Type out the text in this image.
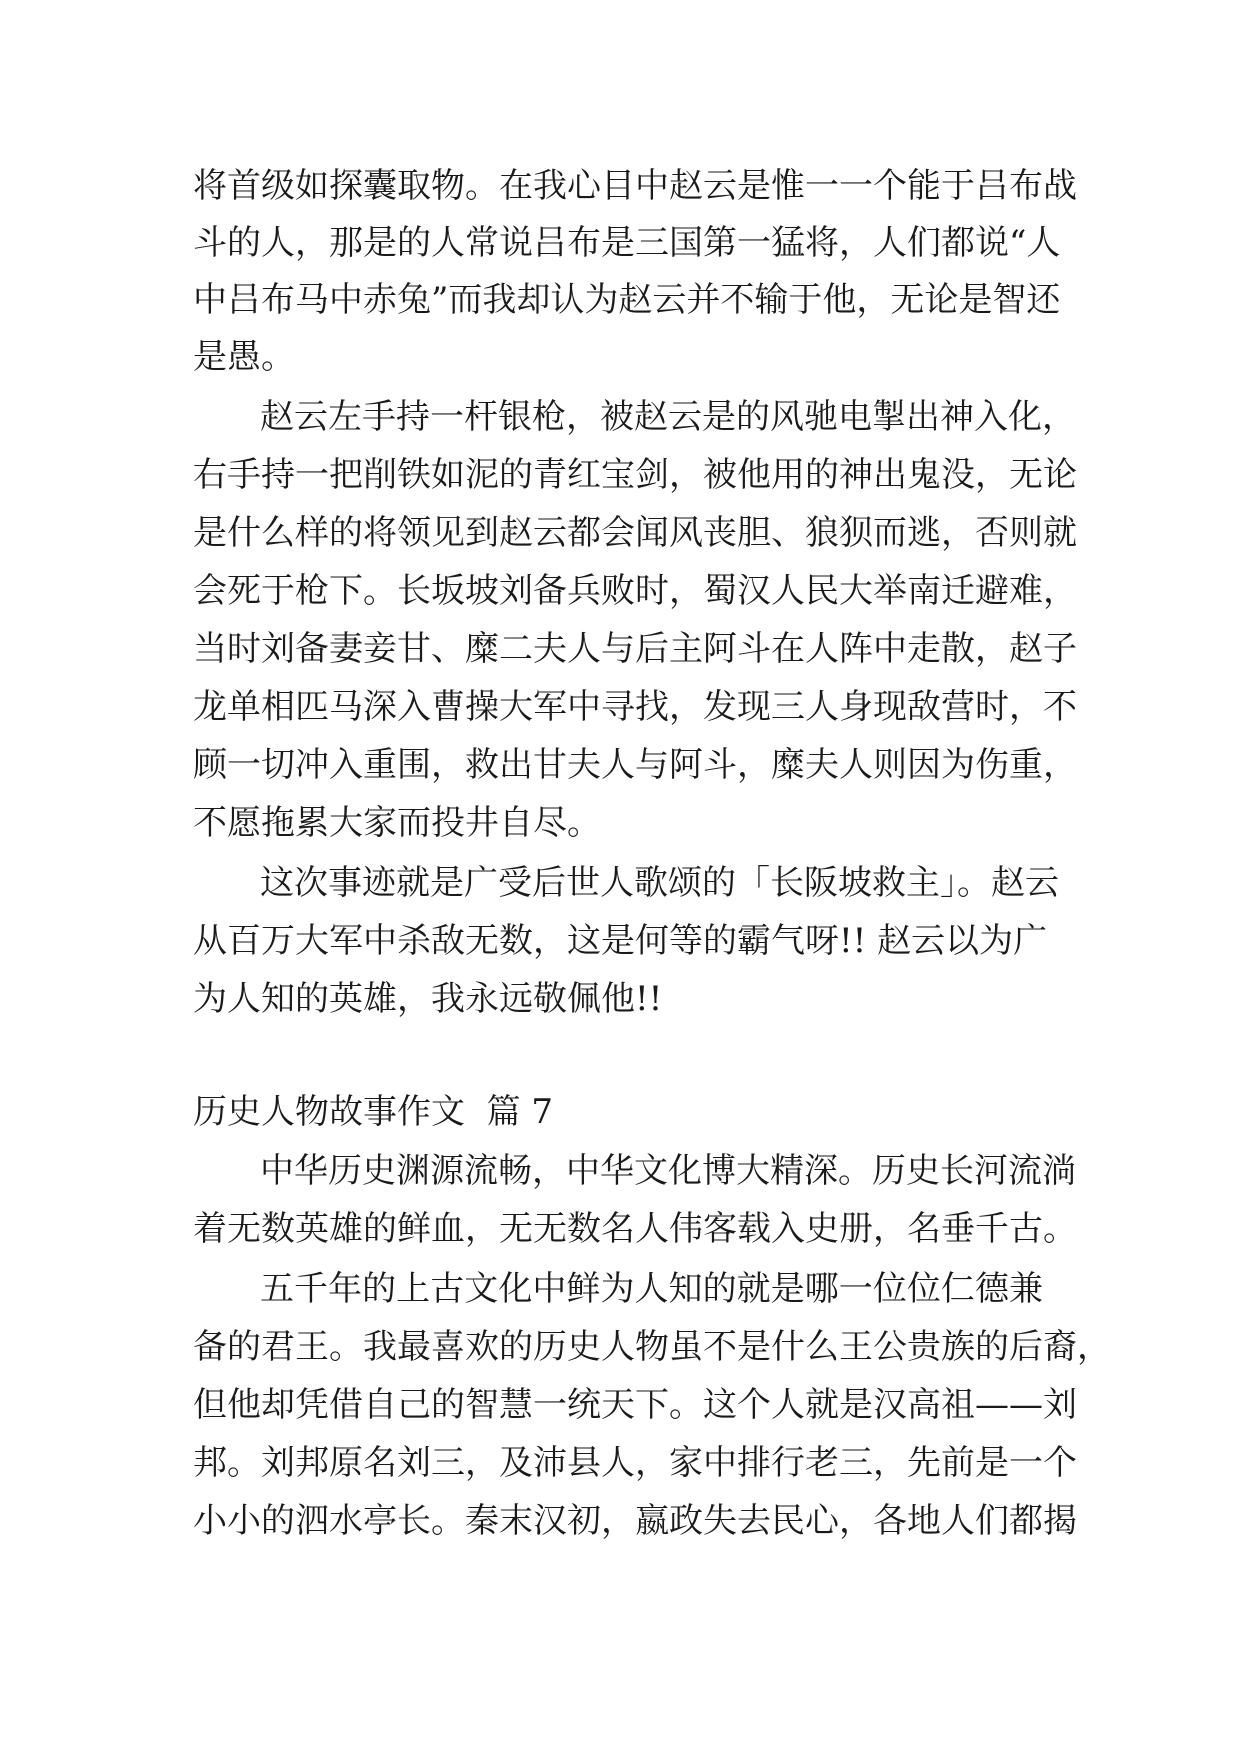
将首级如探囊取物。在我心目中赵云是惟一一个能于吕布战
斗的人，那是的人常说吕布是三国第一猛将，人们都说“人
中吕布马中赤兔”而我却认为赵云并不输于他，无论是智还
是愚。
赵云左手持一杆银枪，被赵云是的风驰电掣出神入化，
右手持一把削铁如泥的青红宝剑，被他用的神出鬼没，无论
是什么样的将领见到赵云都会闻风丧胆、狼狈而逃，否则就
会死于枪下。长坂坡刘备兵败时，蜀汉人民大举南迁避难，
当时刘备妻妾甘、糜二夫人与后主阿斗在人阵中走散，赵子
龙单相匹马深入曹操大军中寻找，发现三人身现敌营时，不
顾一切冲入重围，救出甘夫人与阿斗，糜夫人则因为伤重，
不愿拖累大家而投井自尽。
这次事迹就是广受后世人歌颂的「长阪坡救主」。赵云
从百万大军中杀敌无数，这是何等的霸气呀!! 赵云以为广
为人知的英雄，我永远敬佩他!!
历史人物故事作文  篇 7
中华历史渊源流畅，中华文化博大精深。历史长河流淌
着无数英雄的鲜血，无无数名人伟客载入史册，名垂千古。
五千年的上古文化中鲜为人知的就是哪一位位仁德兼
备的君王。我最喜欢的历史人物虽不是什么王公贵族的后裔，
但他却凭借自己的智慧一统天下。这个人就是汉高祖——刘
邦。刘邦原名刘三，及沛县人，家中排行老三，先前是一个
小小的泗水亭长。秦末汉初，嬴政失去民心，各地人们都揭
